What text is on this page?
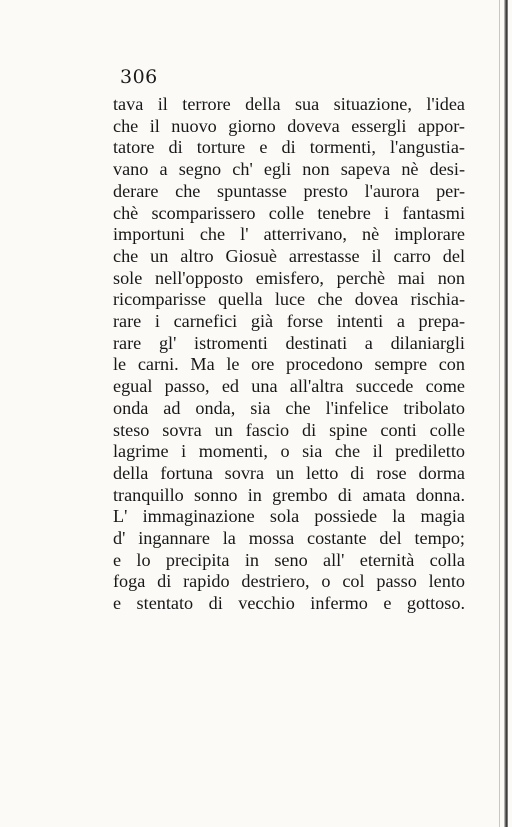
306
tava il terrore della sua situazione, l'idea
che il nuovo giorno doveva essergli appor-
tatore di torture e di tormenti, l'angustia-
vano a segno ch' egli non sapeva nè desi-
derare che spuntasse presto l'aurora per-
chè scomparissero colle tenebre i fantasmi
importuni che l' atterrivano, nè implorare
che un altro Giosuè arrestasse il carro del
sole nell'opposto emisfero, perchè mai non
ricomparisse quella luce che dovea rischia-
rare i carnefici già forse intenti a prepa-
rare gl' istromenti destinati a dilaniargli
le carni. Ma le ore procedono sempre con
egual passo, ed una all'altra succede come
onda ad onda, sia che l'infelice tribolato
steso sovra un fascio di spine conti colle
lagrime i momenti, o sia che il prediletto
della fortuna sovra un letto di rose dorma
tranquillo sonno in grembo di amata donna.
L' immaginazione sola possiede la magia
d' ingannare la mossa costante del tempo;
e lo precipita in seno all' eternità colla
foga di rapido destriero, o col passo lento
e stentato di vecchio infermo e gottoso.
